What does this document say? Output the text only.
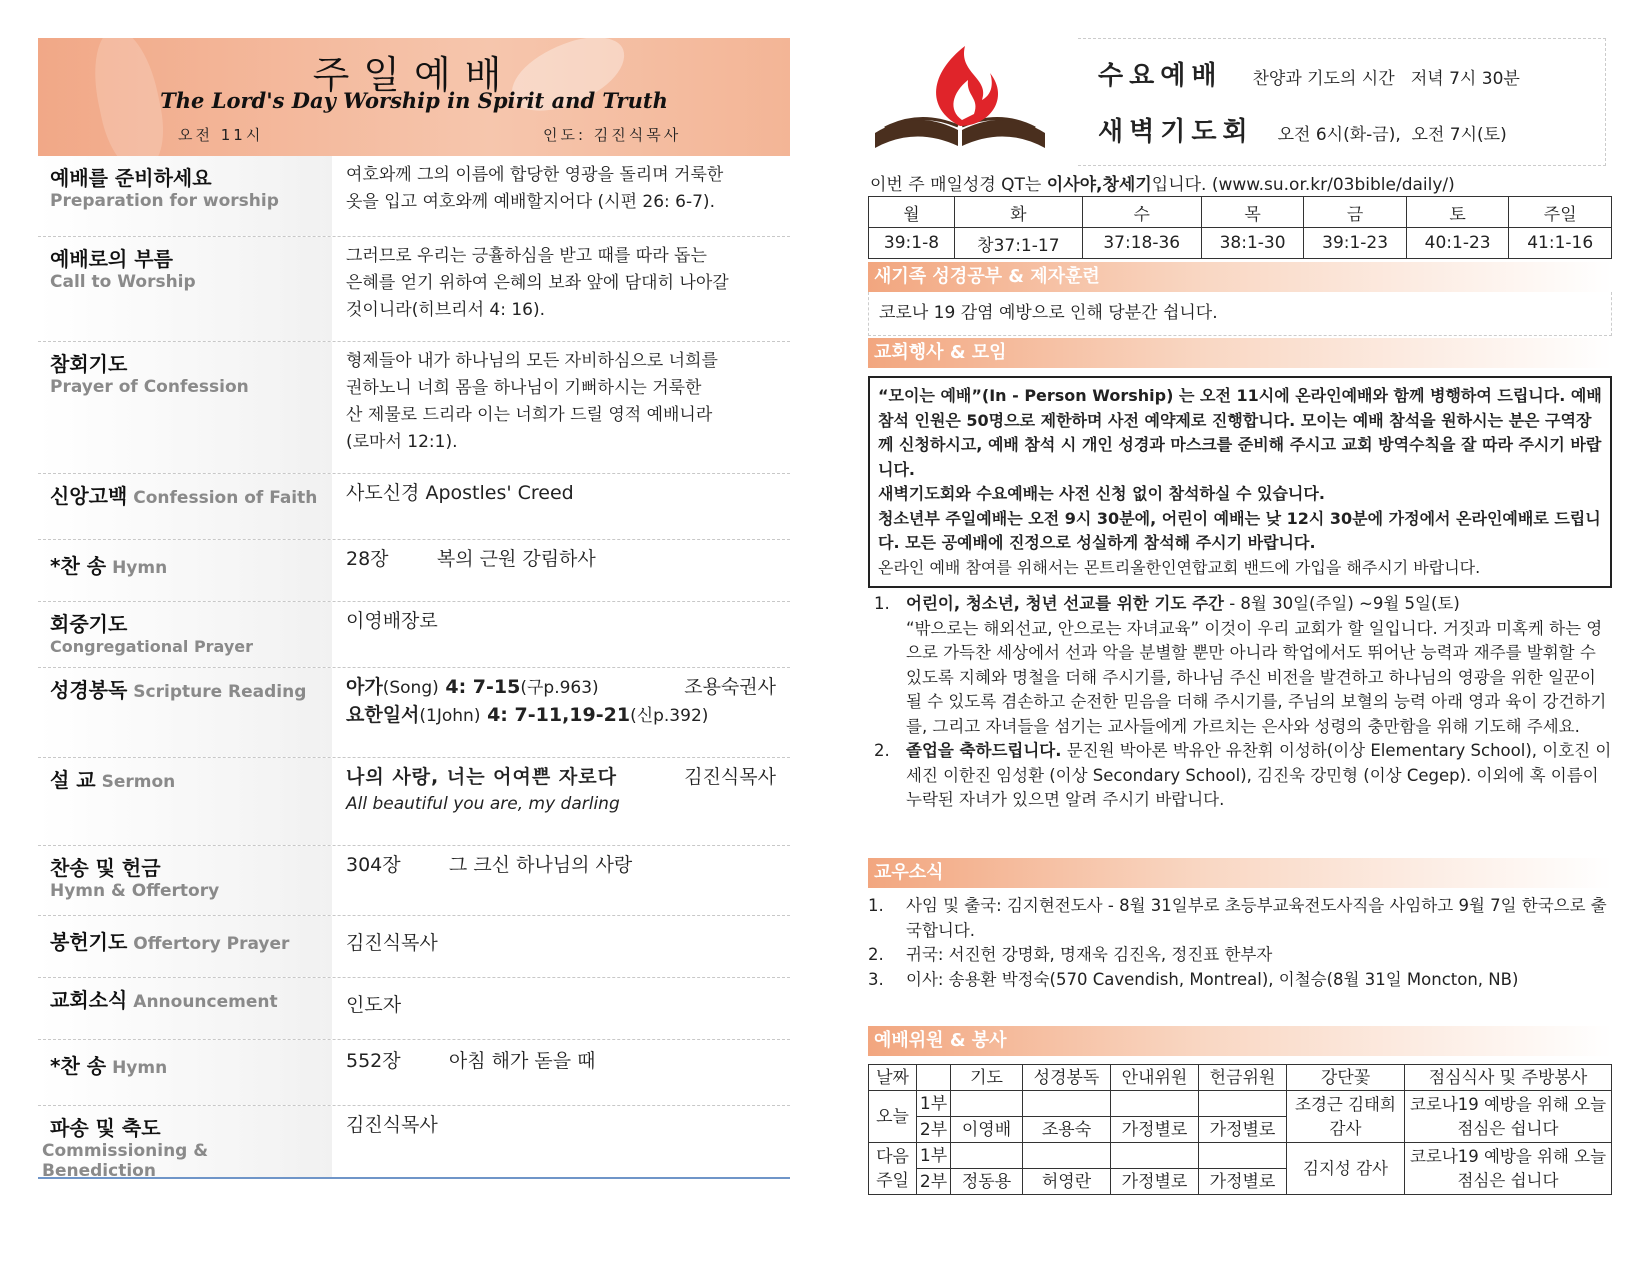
주일예배
The Lord's Day Worship in Spirit and Truth
오전 11시	인도: 김진식목사
예배를 준비하세요
Preparation for worship
여호와께 그의 이름에 합당한 영광을 돌리며 거룩한
옷을 입고 여호와께 예배할지어다 (시편 26: 6-7).
예배로의 부름
Call to Worship
그러므로 우리는 긍휼하심을 받고 때를 따라 돕는
은혜를 얻기 위하여 은혜의 보좌 앞에 담대히 나아갈
것이니라(히브리서 4: 16).
참회기도
Prayer of Confession
형제들아 내가 하나님의 모든 자비하심으로 너희를
권하노니 너희 몸을 하나님이 기뻐하시는 거룩한
산 제물로 드리라 이는 너희가 드릴 영적 예배니라
(로마서 12:1).
신앙고백 Confession of Faith	사도신경 Apostles' Creed
*찬 송 Hymn	28장        복의 근원 강림하사
회중기도
Congregational Prayer
이영배장로
성경봉독 Scripture Reading	아가(Song) 4: 7-15(구p.963)	조용숙권사
요한일서(1John) 4: 7-11,19-21(신p.392)
설 교 Sermon	나의 사랑, 너는 어여쁜 자로다	김진식목사
All beautiful you are, my darling
찬송 및 헌금
Hymn & Offertory
304장        그 크신 하나님의 사랑
봉헌기도 Offertory Prayer	김진식목사
교회소식 Announcement	인도자
*찬 송 Hymn	552장        아침 해가 돋을 때
파송 및 축도
Commissioning & Benediction
김진식목사
수요예배 찬양과 기도의 시간   저녁 7시 30분
새벽기도회 오전 6시(화-금),  오전 7시(토)
이번 주 매일성경 QT는 이사야,창세기입니다. (www.su.or.kr/03bible/daily/)
월	화	수	목	금	토	주일
39:1-8	창37:1-17	37:18-36	38:1-30	39:1-23	40:1-23	41:1-16
새기족 성경공부 & 제자훈련
코로나 19 감염 예방으로 인해 당분간 쉽니다.
교회행사 & 모임
“모이는 예배”(In - Person Worship) 는 오전 11시에 온라인예배와 함께 병행하여 드립니다. 예배 참석 인원은 50명으로 제한하며 사전 예약제로 진행합니다. 모이는 예배 참석을 원하시는 분은 구역장께 신청하시고, 예배 참석 시 개인 성경과 마스크를 준비해 주시고 교회 방역수칙을 잘 따라 주시기 바랍니다.
새벽기도회와 수요예배는 사전 신청 없이 참석하실 수 있습니다.
청소년부 주일예배는 오전 9시 30분에, 어린이 예배는 낮 12시 30분에 가정에서 온라인예배로 드립니다. 모든 공예배에 진정으로 성실하게 참석해 주시기 바랍니다.
온라인 예배 참여를 위해서는 몬트리올한인연합교회 밴드에 가입을 해주시기 바랍니다.
1. 어린이, 청소년, 청년 선교를 위한 기도 주간 - 8월 30일(주일) ~9월 5일(토)
“밖으로는 해외선교, 안으로는 자녀교육” 이것이 우리 교회가 할 일입니다. 거짓과 미혹케 하는 영으로 가득찬 세상에서 선과 악을 분별할 뿐만 아니라 학업에서도 뛰어난 능력과 재주를 발휘할 수 있도록 지혜와 명철을 더해 주시기를, 하나님 주신 비전을 발견하고 하나님의 영광을 위한 일꾼이 될 수 있도록 겸손하고 순전한 믿음을 더해 주시기를, 주님의 보혈의 능력 아래 영과 육이 강건하기를, 그리고 자녀들을 섬기는 교사들에게 가르치는 은사와 성령의 충만함을 위해 기도해 주세요.
2. 졸업을 축하드립니다. 문진원 박아론 박유안 유찬휘 이성하(이상 Elementary School), 이호진 이세진 이한진 임성환 (이상 Secondary School), 김진욱 강민형 (이상 Cegep). 이외에 혹 이름이 누락된 자녀가 있으면 알려 주시기 바랍니다.
교우소식
1.	사임 및 출국: 김지현전도사 - 8월 31일부로 초등부교육전도사직을 사임하고 9월 7일 한국으로 출국합니다.
2.	귀국: 서진헌 강명화, 명재욱 김진옥, 정진표 한부자
3.	이사: 송용환 박정숙(570 Cavendish, Montreal), 이철승(8월 31일 Moncton, NB)
예배위원 & 봉사
날짜		기도	성경봉독	안내위원	헌금위원	강단꽃	점심식사 및 주방봉사
오늘	1부					조경근 김태희 감사	코로나19 예방을 위해 오늘 점심은 쉽니다
	2부	이영배	조용숙	가정별로	가정별로		
다음 주일	1부					김지성 감사	코로나19 예방을 위해 오늘 점심은 쉽니다
	2부	정동용	허영란	가정별로	가정별로		
